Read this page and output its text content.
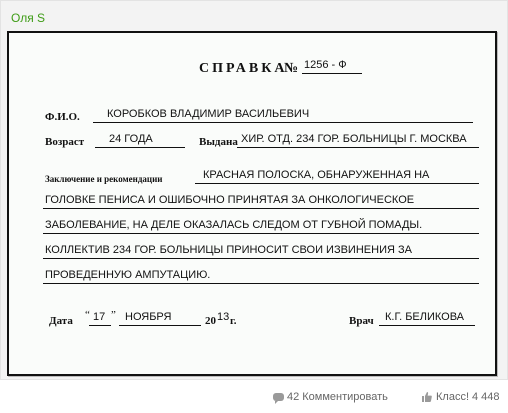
Оля S
СПРАВКА
№ 1256 - Ф
Ф.И.О. КОРОБКОВ ВЛАДИМИР ВАСИЛЬЕВИЧ
Возраст 24 ГОДА	Выдана ХИР. ОТД. 234 ГОР. БОЛЬНИЦЫ Г. МОСКВА
Заключение и рекомендации	КРАСНАЯ ПОЛОСКА, ОБНАРУЖЕННАЯ НА
ГОЛОВКЕ ПЕНИСА И ОШИБОЧНО ПРИНЯТАЯ ЗА ОНКОЛОГИЧЕСКОЕ
ЗАБОЛЕВАНИЕ, НА ДЕЛЕ ОКАЗАЛАСЬ СЛЕДОМ ОТ ГУБНОЙ ПОМАДЫ.
КОЛЛЕКТИВ 234 ГОР. БОЛЬНИЦЫ ПРИНОСИТ СВОИ ИЗВИНЕНИЯ ЗА
ПРОВЕДЕННУЮ АМПУТАЦИЮ.
Дата “ 17 ” НОЯБРЯ	20 13 г.	Врач К.Г. БЕЛИКОВА
42 Комментировать	Класс! 4 448
